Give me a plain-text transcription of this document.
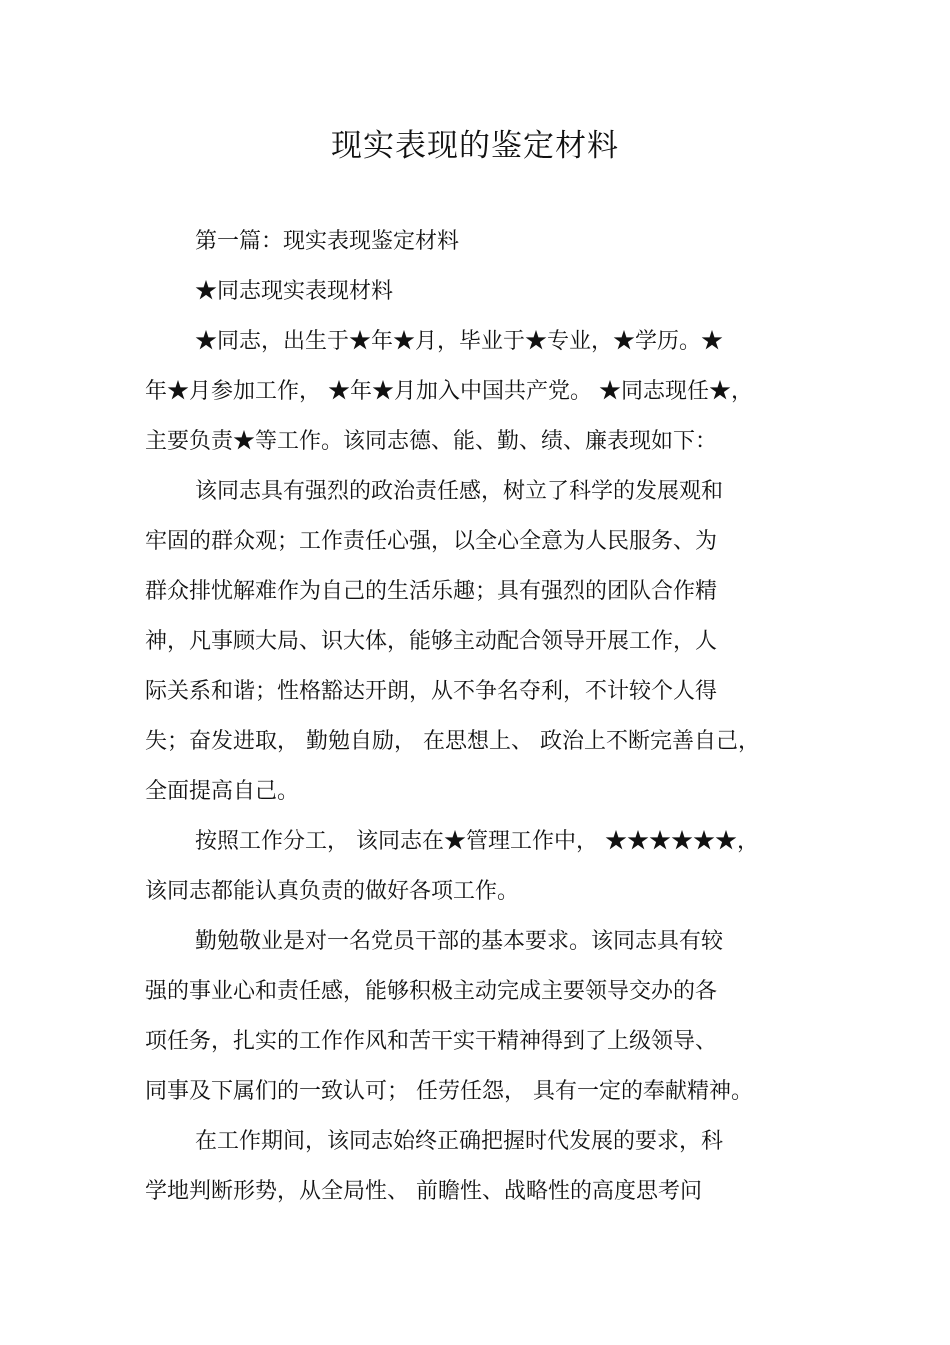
现实表现的鉴定材料
第一篇：现实表现鉴定材料
★同志现实表现材料
★同志，出生于★年★月，毕业于★专业，★学历。★
年★月参加工作， ★年★月加入中国共产党。 ★同志现任★，
主要负责★等工作。该同志德、能、勤、绩、廉表现如下：
该同志具有强烈的政治责任感，树立了科学的发展观和
牢固的群众观；工作责任心强，以全心全意为人民服务、为
群众排忧解难作为自己的生活乐趣；具有强烈的团队合作精
神，凡事顾大局、识大体，能够主动配合领导开展工作，人
际关系和谐；性格豁达开朗，从不争名夺利，不计较个人得
失；奋发进取， 勤勉自励， 在思想上、 政治上不断完善自己，
全面提高自己。
按照工作分工， 该同志在★管理工作中， ★★★★★★，
该同志都能认真负责的做好各项工作。
勤勉敬业是对一名党员干部的基本要求。该同志具有较
强的事业心和责任感，能够积极主动完成主要领导交办的各
项任务，扎实的工作作风和苦干实干精神得到了上级领导、
同事及下属们的一致认可； 任劳任怨， 具有一定的奉献精神。
在工作期间，该同志始终正确把握时代发展的要求，科
学地判断形势，从全局性、 前瞻性、战略性的高度思考问
